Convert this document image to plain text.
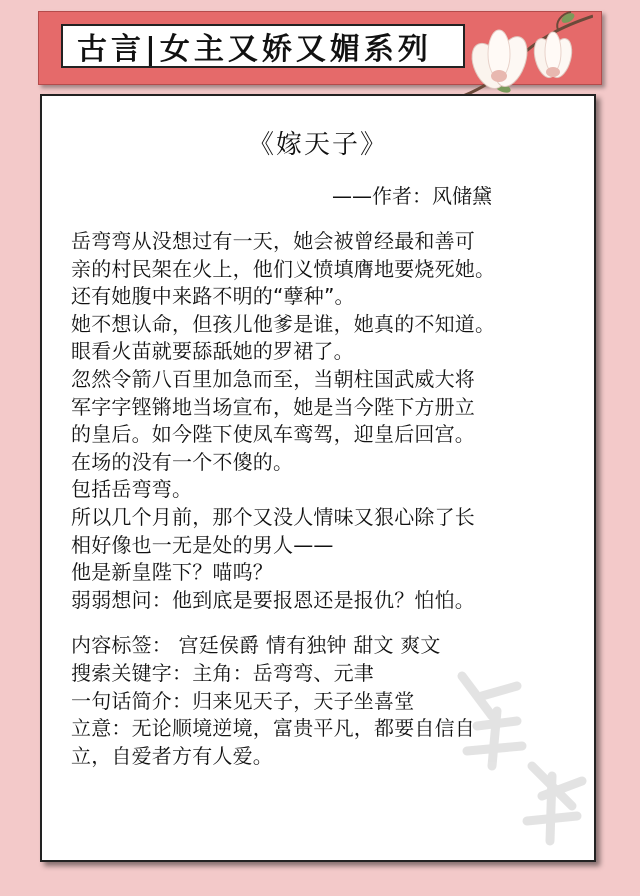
古言|女主又娇又媚系列
《嫁天子》
——作者：风储黛
岳弯弯从没想过有一天，她会被曾经最和善可
亲的村民架在火上，他们义愤填膺地要烧死她。
还有她腹中来路不明的“孽种”。
她不想认命，但孩儿他爹是谁，她真的不知道。
眼看火苗就要舔舐她的罗裙了。
忽然令箭八百里加急而至，当朝柱国武威大将
军字字铿锵地当场宣布，她是当今陛下方册立
的皇后。如今陛下使凤车鸾驾，迎皇后回宫。
在场的没有一个不傻的。
包括岳弯弯。
所以几个月前，那个又没人情味又狠心除了长
相好像也一无是处的男人——
他是新皇陛下？喵呜？
弱弱想问：他到底是要报恩还是报仇？怕怕。
内容标签： 宫廷侯爵 情有独钟 甜文 爽文
搜索关键字：主角：岳弯弯、元聿
一句话简介：归来见天子，天子坐喜堂
立意：无论顺境逆境，富贵平凡，都要自信自
立，自爱者方有人爱。
